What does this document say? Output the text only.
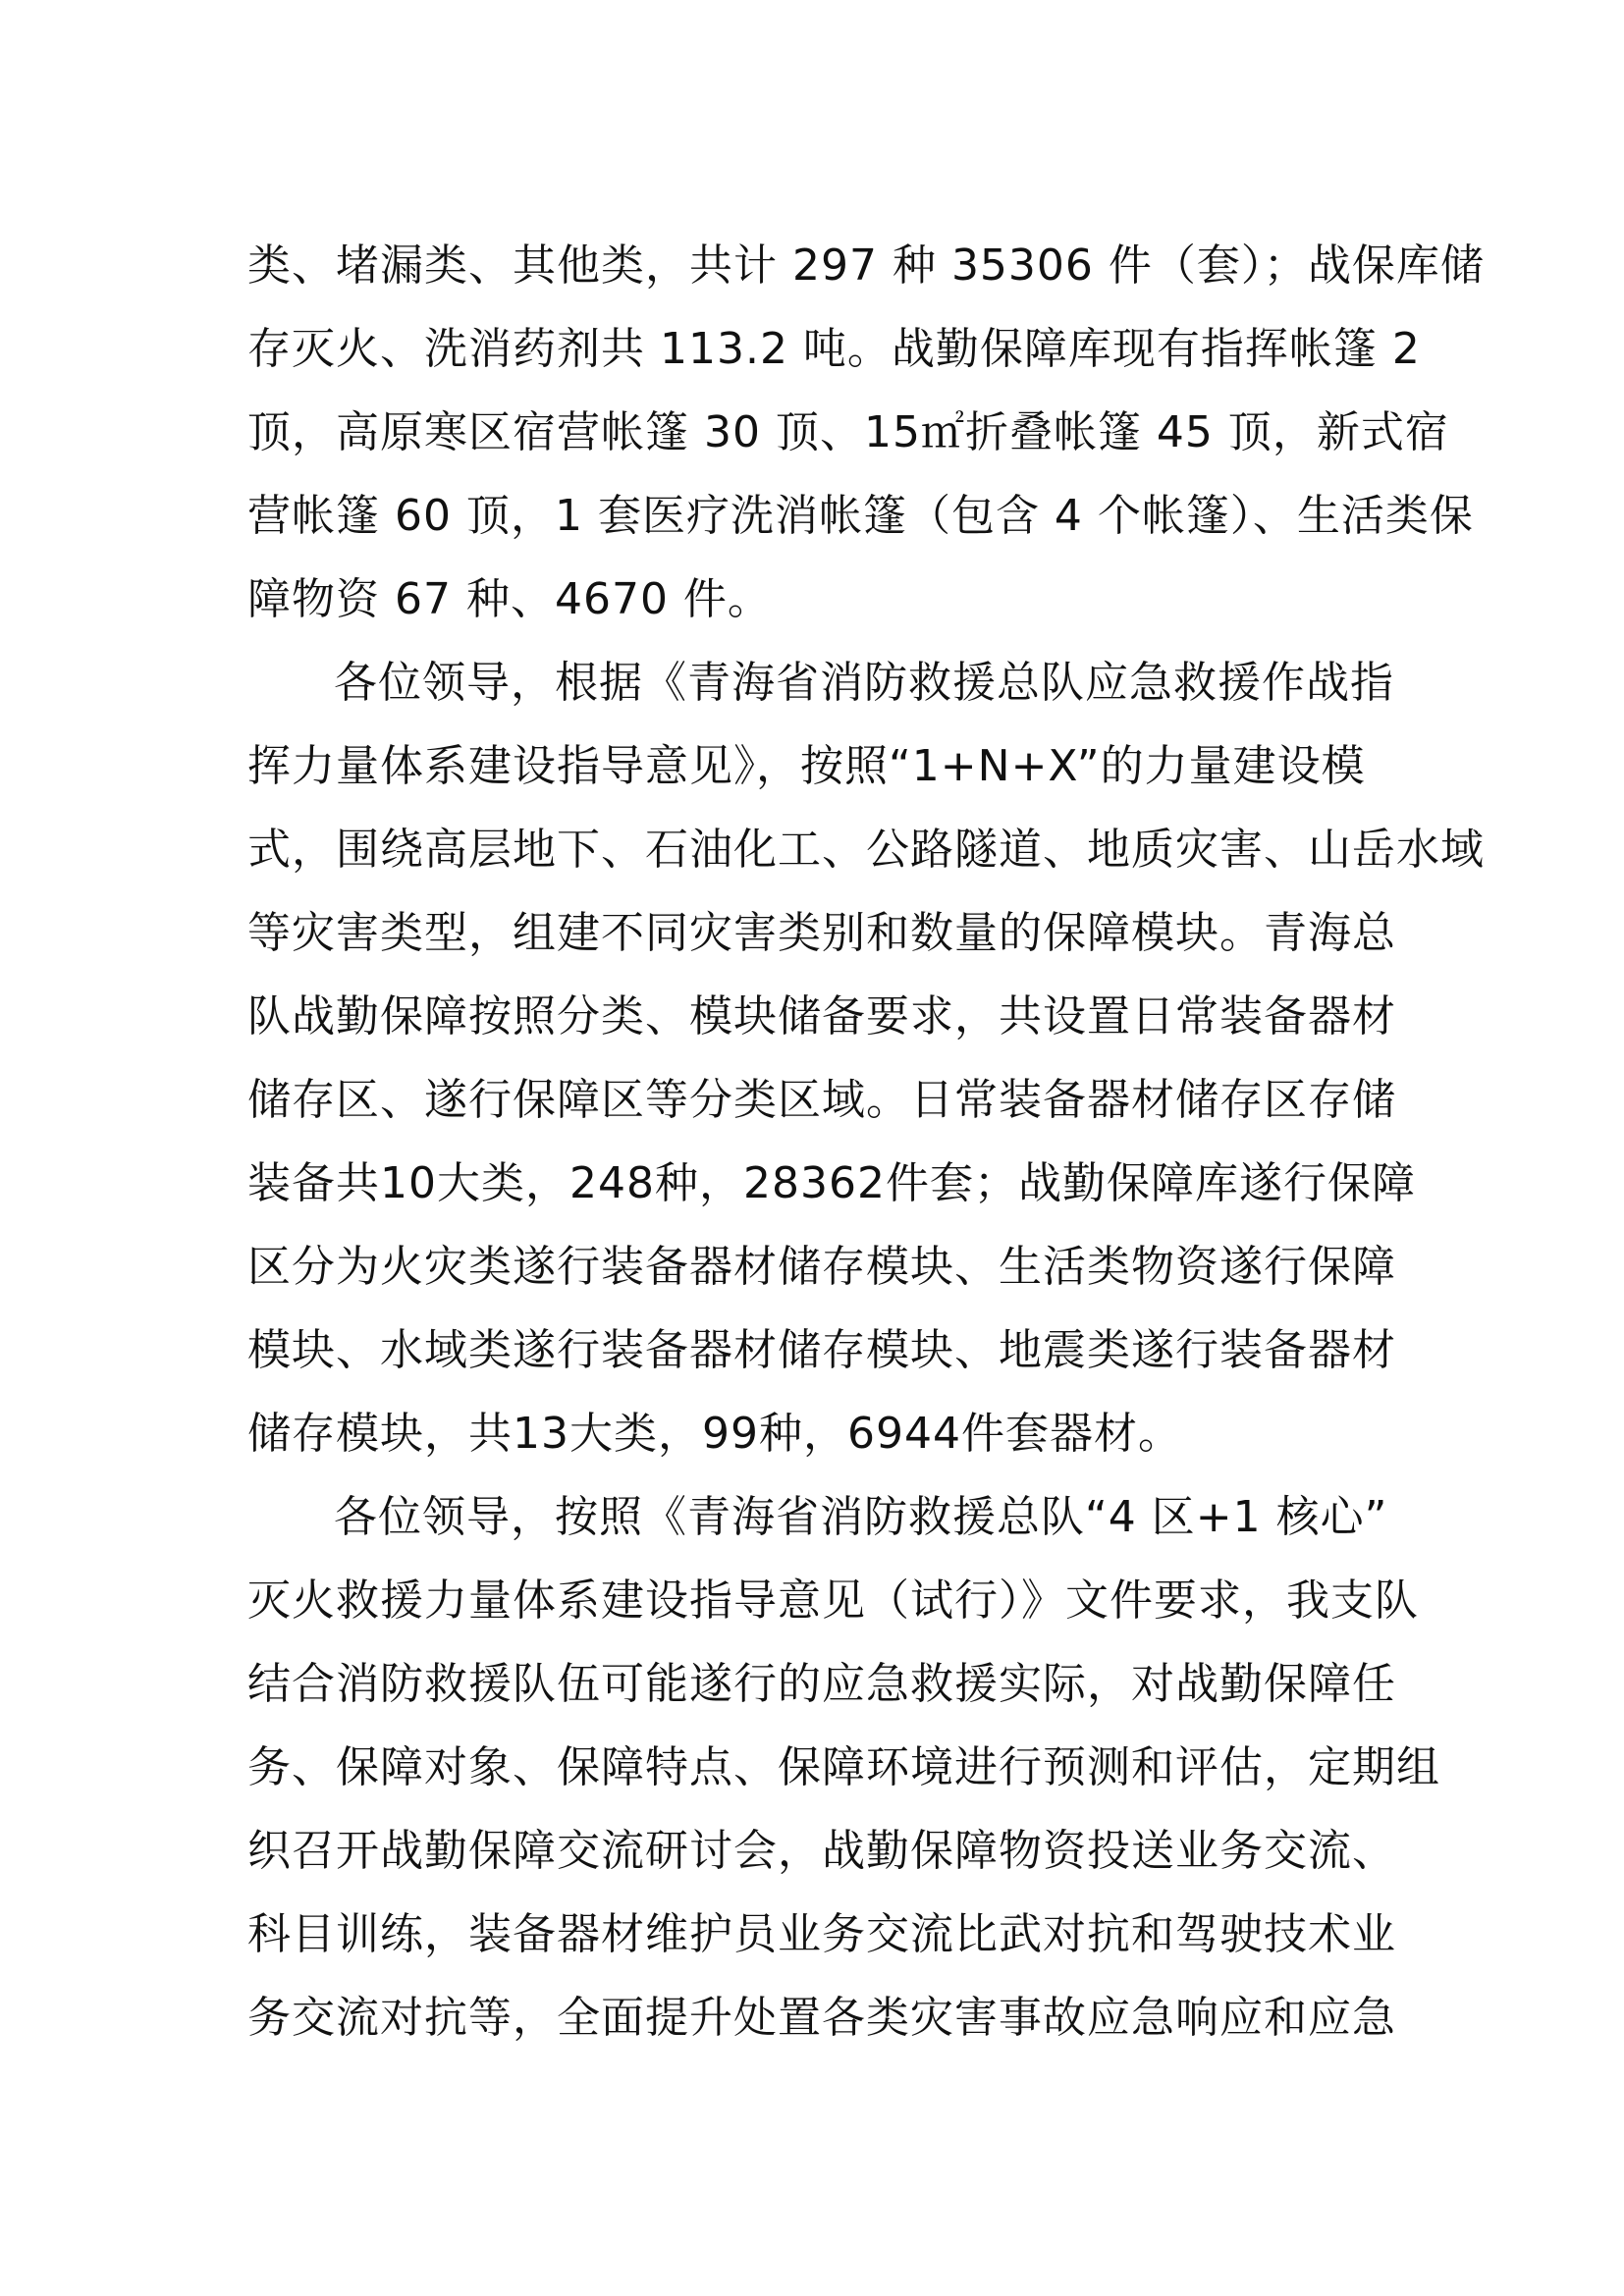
类、堵漏类、其他类，共计 297 种 35306 件（套）；战保库储
存灭火、洗消药剂共 113.2 吨。战勤保障库现有指挥帐篷 2
顶，高原寒区宿营帐篷 30 顶、15㎡折叠帐篷 45 顶，新式宿
营帐篷 60 顶，1 套医疗洗消帐篷（包含 4 个帐篷）、生活类保
障物资 67 种、4670 件。
各位领导，根据《青海省消防救援总队应急救援作战指
挥力量体系建设指导意见》，按照“1+N+X”的力量建设模
式，围绕高层地下、石油化工、公路隧道、地质灾害、山岳水域
等灾害类型，组建不同灾害类别和数量的保障模块。青海总
队战勤保障按照分类、模块储备要求，共设置日常装备器材
储存区、遂行保障区等分类区域。日常装备器材储存区存储
装备共10大类，248种，28362件套；战勤保障库遂行保障
区分为火灾类遂行装备器材储存模块、生活类物资遂行保障
模块、水域类遂行装备器材储存模块、地震类遂行装备器材
储存模块，共13大类，99种，6944件套器材。
各位领导，按照《青海省消防救援总队“4 区+1 核心”
灭火救援力量体系建设指导意见（试行）》文件要求，我支队
结合消防救援队伍可能遂行的应急救援实际，对战勤保障任
务、保障对象、保障特点、保障环境进行预测和评估，定期组
织召开战勤保障交流研讨会，战勤保障物资投送业务交流、
科目训练，装备器材维护员业务交流比武对抗和驾驶技术业
务交流对抗等，全面提升处置各类灾害事故应急响应和应急
